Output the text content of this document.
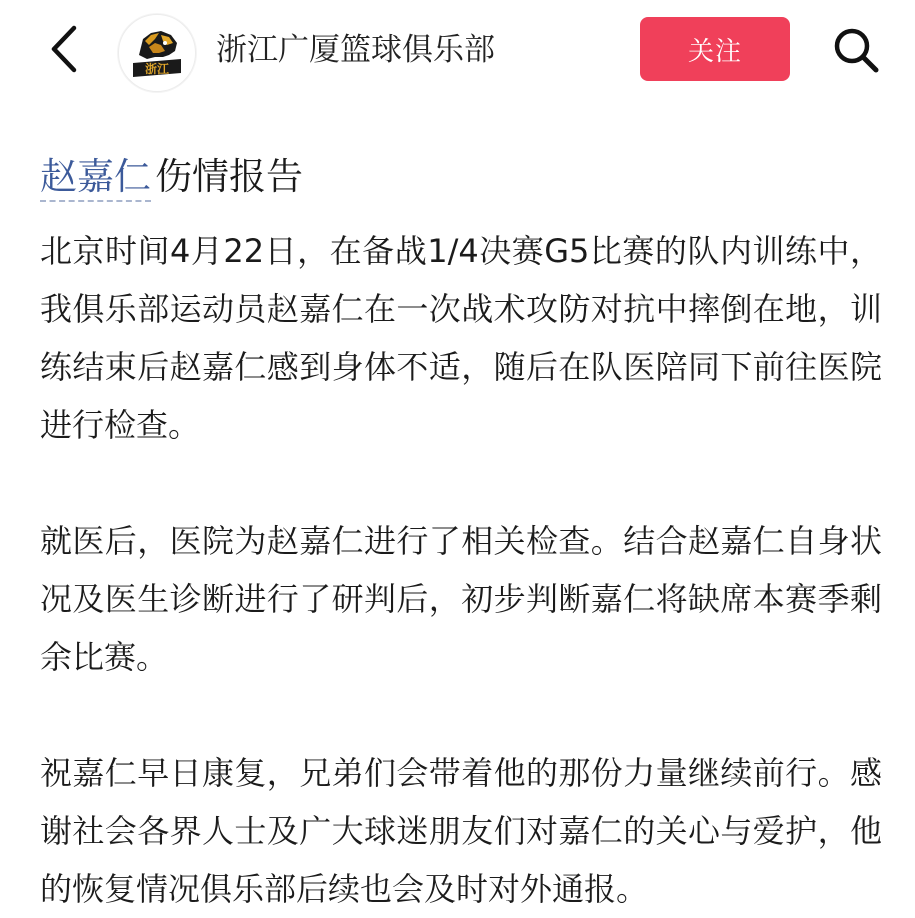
浙江
浙江广厦篮球俱乐部	关注
赵嘉仁 伤情报告

北京时间4月22日，在备战1/4决赛G5比赛的队内训练中，我俱乐部运动员赵嘉仁在一次战术攻防对抗中摔倒在地，训练结束后赵嘉仁感到身体不适，随后在队医陪同下前往医院进行检查。

就医后，医院为赵嘉仁进行了相关检查。结合赵嘉仁自身状况及医生诊断进行了研判后，初步判断嘉仁将缺席本赛季剩余比赛。

祝嘉仁早日康复，兄弟们会带着他的那份力量继续前行。感谢社会各界人士及广大球迷朋友们对嘉仁的关心与爱护，他的恢复情况俱乐部后续也会及时对外通报。
